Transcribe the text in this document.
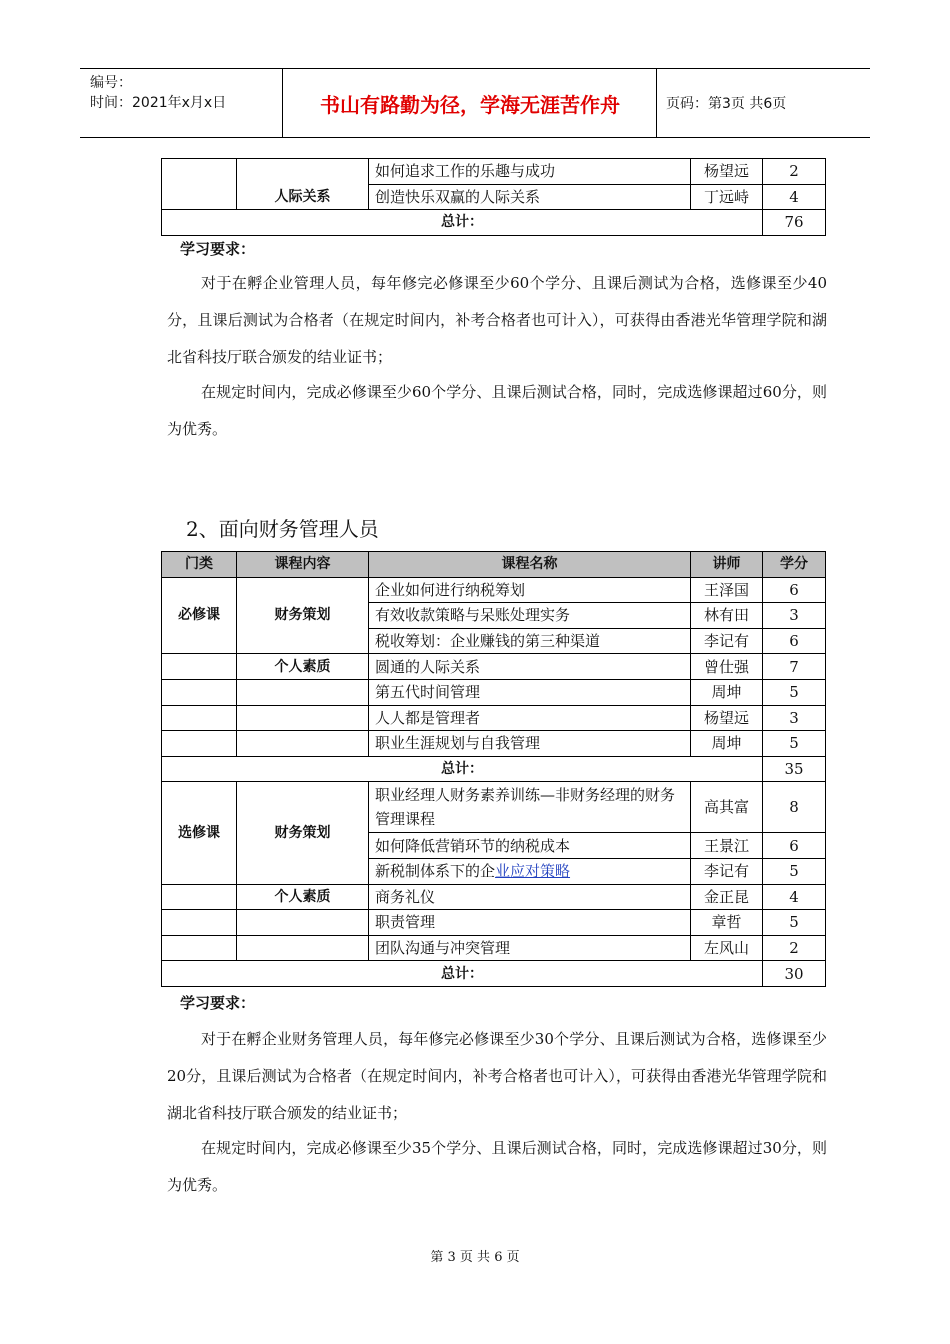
编号：
时间：2021年x月x日	书山有路勤为径，学海无涯苦作舟	页码：第3页 共6页
	人际关系	如何追求工作的乐趣与成功	杨望远	2
		创造快乐双赢的人际关系	丁远峙	4
总计：				76
学习要求：
对于在孵企业管理人员，每年修完必修课至少60个学分、且课后测试为合格，选修课至少40分，且课后测试为合格者（在规定时间内，补考合格者也可计入），可获得由香港光华管理学院和湖北省科技厅联合颁发的结业证书；
在规定时间内，完成必修课至少60个学分、且课后测试合格，同时，完成选修课超过60分，则为优秀。
2、面向财务管理人员
门类	课程内容	课程名称	讲师	学分
必修课	财务策划	企业如何进行纳税筹划	王泽国	6
		有效收款策略与呆账处理实务	林有田	3
		税收筹划：企业赚钱的第三种渠道	李记有	6
	个人素质	圆通的人际关系	曾仕强	7
		第五代时间管理	周坤	5
		人人都是管理者	杨望远	3
		职业生涯规划与自我管理	周坤	5
总计：				35
选修课	财务策划	职业经理人财务素养训练—非财务经理的财务管理课程	高其富	8
		如何降低营销环节的纳税成本	王景江	6
		新税制体系下的企业应对策略	李记有	5
	个人素质	商务礼仪	金正昆	4
		职责管理	章哲	5
		团队沟通与冲突管理	左风山	2
总计：				30
学习要求：
对于在孵企业财务管理人员，每年修完必修课至少30个学分、且课后测试为合格，选修课至少20分，且课后测试为合格者（在规定时间内，补考合格者也可计入），可获得由香港光华管理学院和湖北省科技厅联合颁发的结业证书；
在规定时间内，完成必修课至少35个学分、且课后测试合格，同时，完成选修课超过30分，则为优秀。
第 3 页 共 6 页
